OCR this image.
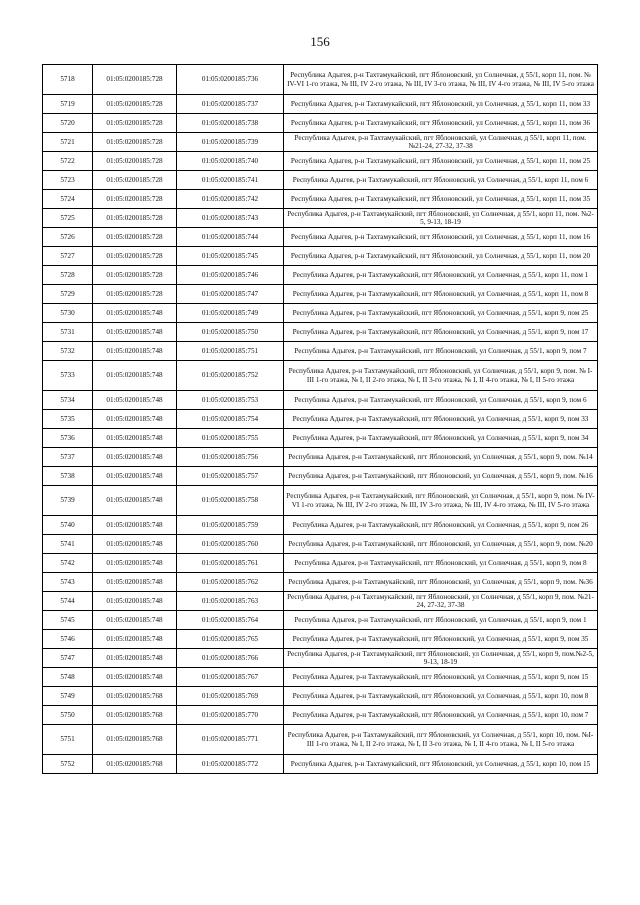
156
5718	01:05:0200185:728	01:05:0200185:736	Республика Адыгея, р-н Тахтамукайский, пгт Яблоновский, ул Солнечная, д 55/1, корп 11, пом. № IV-VI 1-го этажа, № III, IV 2-го этажа, № III, IV 3-го этажа, № III, IV 4-го этажа, № III, IV 5-го этажа
5719	01:05:0200185:728	01:05:0200185:737	Республика Адыгея, р-н Тахтамукайский, пгт Яблоновский, ул Солнечная, д 55/1, корп 11, пом 33
5720	01:05:0200185:728	01:05:0200185:738	Республика Адыгея, р-н Тахтамукайский, пгт Яблоновский, ул Солнечная, д 55/1, корп 11, пом 36
5721	01:05:0200185:728	01:05:0200185:739	Республика Адыгея, р-н Тахтамукайский, пгт Яблоновский, ул Солнечная, д 55/1, корп 11, пом. №21-24, 27-32, 37-38
5722	01:05:0200185:728	01:05:0200185:740	Республика Адыгея, р-н Тахтамукайский, пгт Яблоновский, ул Солнечная, д 55/1, корп 11, пом 25
5723	01:05:0200185:728	01:05:0200185:741	Республика Адыгея, р-н Тахтамукайский, пгт Яблоновский, ул Солнечная, д 55/1, корп 11, пом 6
5724	01:05:0200185:728	01:05:0200185:742	Республика Адыгея, р-н Тахтамукайский, пгт Яблоновский, ул Солнечная, д 55/1, корп 11, пом 35
5725	01:05:0200185:728	01:05:0200185:743	Республика Адыгея, р-н Тахтамукайский, пгт Яблоновский, ул Солнечная, д 55/1, корп 11, пом. №2-5, 9-13, 18-19
5726	01:05:0200185:728	01:05:0200185:744	Республика Адыгея, р-н Тахтамукайский, пгт Яблоновский, ул Солнечная, д 55/1, корп 11, пом 16
5727	01:05:0200185:728	01:05:0200185:745	Республика Адыгея, р-н Тахтамукайский, пгт Яблоновский, ул Солнечная, д 55/1, корп 11, пом 20
5728	01:05:0200185:728	01:05:0200185:746	Республика Адыгея, р-н Тахтамукайский, пгт Яблоновский, ул Солнечная, д 55/1, корп 11, пом 1
5729	01:05:0200185:728	01:05:0200185:747	Республика Адыгея, р-н Тахтамукайский, пгт Яблоновский, ул Солнечная, д 55/1, корп 11, пом 8
5730	01:05:0200185:748	01:05:0200185:749	Республика Адыгея, р-н Тахтамукайский, пгт Яблоновский, ул Солнечная, д 55/1, корп 9, пом 25
5731	01:05:0200185:748	01:05:0200185:750	Республика Адыгея, р-н Тахтамукайский, пгт Яблоновский, ул Солнечная, д 55/1, корп 9, пом 17
5732	01:05:0200185:748	01:05:0200185:751	Республика Адыгея, р-н Тахтамукайский, пгт Яблоновский, ул Солнечная, д 55/1, корп 9, пом 7
5733	01:05:0200185:748	01:05:0200185:752	Республика Адыгея, р-н Тахтамукайский, пгт Яблоновский, ул Солнечная, д 55/1, корп 9, пом. № I-III 1-го этажа, № I, II 2-го этажа, № I, II 3-го этажа, № I, II 4-го этажа, № I, II 5-го этажа
5734	01:05:0200185:748	01:05:0200185:753	Республика Адыгея, р-н Тахтамукайский, пгт Яблоновский, ул Солнечная, д 55/1, корп 9, пом 6
5735	01:05:0200185:748	01:05:0200185:754	Республика Адыгея, р-н Тахтамукайский, пгт Яблоновский, ул Солнечная, д 55/1, корп 9, пом 33
5736	01:05:0200185:748	01:05:0200185:755	Республика Адыгея, р-н Тахтамукайский, пгт Яблоновский, ул Солнечная, д 55/1, корп 9, пом 34
5737	01:05:0200185:748	01:05:0200185:756	Республика Адыгея, р-н Тахтамукайский, пгт Яблоновский, ул Солнечная, д 55/1, корп 9, пом. №14
5738	01:05:0200185:748	01:05:0200185:757	Республика Адыгея, р-н Тахтамукайский, пгт Яблоновский, ул Солнечная, д 55/1, корп 9, пом. №16
5739	01:05:0200185:748	01:05:0200185:758	Республика Адыгея, р-н Тахтамукайский, пгт Яблоновский, ул Солнечная, д 55/1, корп 9, пом. № IV-VI 1-го этажа, № III, IV 2-го этажа, № III, IV 3-го этажа, № III, IV 4-го этажа, № III, IV 5-го этажа
5740	01:05:0200185:748	01:05:0200185:759	Республика Адыгея, р-н Тахтамукайский, пгт Яблоновский, ул Солнечная, д 55/1, корп 9, пом 26
5741	01:05:0200185:748	01:05:0200185:760	Республика Адыгея, р-н Тахтамукайский, пгт Яблоновский, ул Солнечная, д 55/1, корп 9, пом. №20
5742	01:05:0200185:748	01:05:0200185:761	Республика Адыгея, р-н Тахтамукайский, пгт Яблоновский, ул Солнечная, д 55/1, корп 9, пом 8
5743	01:05:0200185:748	01:05:0200185:762	Республика Адыгея, р-н Тахтамукайский, пгт Яблоновский, ул Солнечная, д 55/1, корп 9, пом. №36
5744	01:05:0200185:748	01:05:0200185:763	Республика Адыгея, р-н Тахтамукайский, пгт Яблоновский, ул Солнечная, д 55/1, корп 9, пом. №21-24, 27-32, 37-38
5745	01:05:0200185:748	01:05:0200185:764	Республика Адыгея, р-н Тахтамукайский, пгт Яблоновский, ул Солнечная, д 55/1, корп 9, пом 1
5746	01:05:0200185:748	01:05:0200185:765	Республика Адыгея, р-н Тахтамукайский, пгт Яблоновский, ул Солнечная, д 55/1, корп 9, пом 35
5747	01:05:0200185:748	01:05:0200185:766	Республика Адыгея, р-н Тахтамукайский, пгт Яблоновский, ул Солнечная, д 55/1, корп 9, пом.№2-5, 9-13, 18-19
5748	01:05:0200185:748	01:05:0200185:767	Республика Адыгея, р-н Тахтамукайский, пгт Яблоновский, ул Солнечная, д 55/1, корп 9, пом 15
5749	01:05:0200185:768	01:05:0200185:769	Республика Адыгея, р-н Тахтамукайский, пгт Яблоновский, ул Солнечная, д 55/1, корп 10, пом 8
5750	01:05:0200185:768	01:05:0200185:770	Республика Адыгея, р-н Тахтамукайский, пгт Яблоновский, ул Солнечная, д 55/1, корп 10, пом 7
5751	01:05:0200185:768	01:05:0200185:771	Республика Адыгея, р-н Тахтамукайский, пгт Яблоновский, ул Солнечная, д 55/1, корп 10, пом. №I-III 1-го этажа, № I, II 2-го этажа, № I, II 3-го этажа, № I, II 4-го этажа, № I, II 5-го этажа
5752	01:05:0200185:768	01:05:0200185:772	Республика Адыгея, р-н Тахтамукайский, пгт Яблоновский, ул Солнечная, д 55/1, корп 10, пом 15
